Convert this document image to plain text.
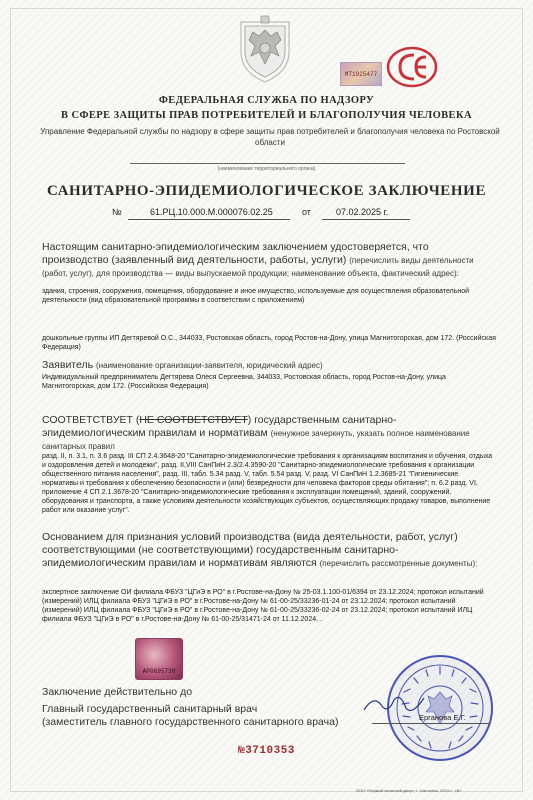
MT1925477
ФЕДЕРАЛЬНАЯ СЛУЖБА ПО НАДЗОРУ
В СФЕРЕ ЗАЩИТЫ ПРАВ ПОТРЕБИТЕЛЕЙ И БЛАГОПОЛУЧИЯ ЧЕЛОВЕКА
Управление Федеральной службы по надзору в сфере защиты прав потребителей и благополучия человека по Ростовской области
(наименование территориального органа)
САНИТАРНО-ЭПИДЕМИОЛОГИЧЕСКОЕ ЗАКЛЮЧЕНИЕ
№	61.РЦ.10.000.М.000076.02.25	от	07.02.2025 г.
Настоящим санитарно-эпидемиологическим заключением удостоверяется, что производство (заявленный вид деятельности, работы, услуги) (перечислить виды деятельности (работ, услуг), для производства — виды выпускаемой продукции; наименование объекта, фактический адрес):
здания, строения, сооружения, помещения, оборудование и иное имущество, используемые для осуществления образовательной деятельности (вид образовательной программы в соответствии с приложением)
дошкольные группы ИП Дегтяревой О.С., 344033, Ростовская область, город Ростов-на-Дону, улица Магнитогорская, дом 172. (Российская Федерация)
Заявитель (наименование организации-заявителя, юридический адрес)
Индивидуальный предприниматель Дегтярева Олеся Сергеевна, 344033, Ростовская область, город Ростов-на-Дону, улица Магнитогорская, дом 172. (Российская Федерация)
СООТВЕТСТВУЕТ (НЕ СООТВЕТСТВУЕТ) государственным санитарно-эпидемиологическим правилам и нормативам (ненужное зачеркнуть, указать полное наименование санитарных правил
разд. II, п. 3.1, п. 3.6 разд. III СП 2.4.3648-20 "Санитарно-эпидемиологические требования к организациям воспитания и обучения, отдыха и оздоровления детей и молодежи", разд. II,VIII СанПиН 2.3/2.4.3590-20 "Санитарно-эпидемиологические требования к организации общественного питания населения", разд. III, табл. 5.34 разд. V, табл. 5.54 разд. V, разд. VI СанПиН 1.2.3685-21 "Гигиенические нормативы и требования к обеспечению безопасности и (или) безвредности для человека факторов среды обитания"; п. 6.2 разд. VI, приложение 4 СП 2.1.3678-20 "Санитарно-эпидемиологические требования к эксплуатации помещений, зданий, сооружений, оборудования и транспорта, а также условиям деятельности хозяйствующих субъектов, осуществляющих продажу товаров, выполнение работ или оказание услуг".
Основанием для признания условий производства (вида деятельности, работ, услуг) соответствующими (не соответствующими) государственным санитарно-эпидемиологическим правилам и нормативам являются (перечислить рассмотренные документы):
экспертное заключение ОИ филиала ФБУЗ "ЦГиЭ в РО" в г.Ростове-на-Дону № 25-03.1.100-01/6394 от 23.12.2024; протокол испытаний (измерений) ИЛЦ филиала ФБУЗ "ЦГиЭ в РО" в г.Ростове-на-Дону № 61-00-25/33236-01-24 от 23.12.2024; протокол испытаний (измерений) ИЛЦ филиала ФБУЗ "ЦГиЭ в РО" в г.Ростове-на-Дону № 61-00-25/33236-02-24 от 23.12.2024; протокол испытаний ИЛЦ филиала ФБУЗ "ЦГиЭ в РО" в г.Ростове-на-Дону № 61-00-25/31471-24 от 11.12.2024. .
AP0695730
Заключение действительно до
Главный государственный санитарный врач
(заместитель главного государственного санитарного врача)	Ерганова Е.Г.
№3710353
ООО «Первый печатный двор», г. Смоленск, 2024 г., «В»
